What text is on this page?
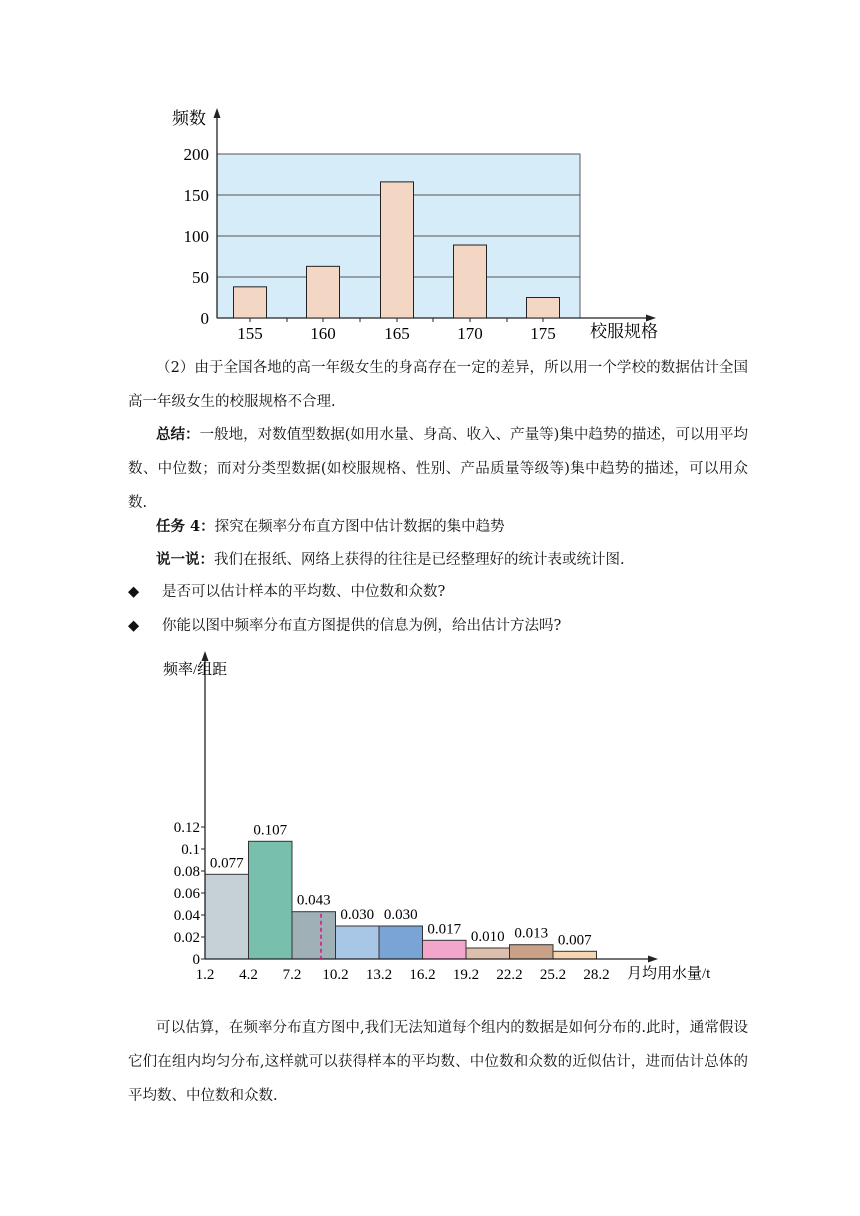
0
50
100
150
200
155	160	165	170	175
频数
校服规格
（2）由于全国各地的高一年级女生的身高存在一定的差异，所以用一个学校的数据估计全国高一年级女生的校服规格不合理.
总结：一般地，对数值型数据(如用水量、身高、收入、产量等)集中趋势的描述，可以用平均数、中位数；而对分类型数据(如校服规格、性别、产品质量等级等)集中趋势的描述，可以用众数.
任务 4：探究在频率分布直方图中估计数据的集中趋势
说一说：我们在报纸、网络上获得的往往是已经整理好的统计表或统计图.
◆ 是否可以估计样本的平均数、中位数和众数?
◆ 你能以图中频率分布直方图提供的信息为例，给出估计方法吗?
0.077
0.107
0.043
0.030 0.030
0.017 0.010 0.013 0.007
0
0.02
0.04
0.06
0.08
0.1
0.12
1.2 4.2 7.2 10.2 13.2 16.2 19.2 22.2 25.2 28.2
频率/组距
月均用水量/t
可以估算，在频率分布直方图中,我们无法知道每个组内的数据是如何分布的.此时，通常假设它们在组内均匀分布,这样就可以获得样本的平均数、中位数和众数的近似估计，进而估计总体的平均数、中位数和众数.
